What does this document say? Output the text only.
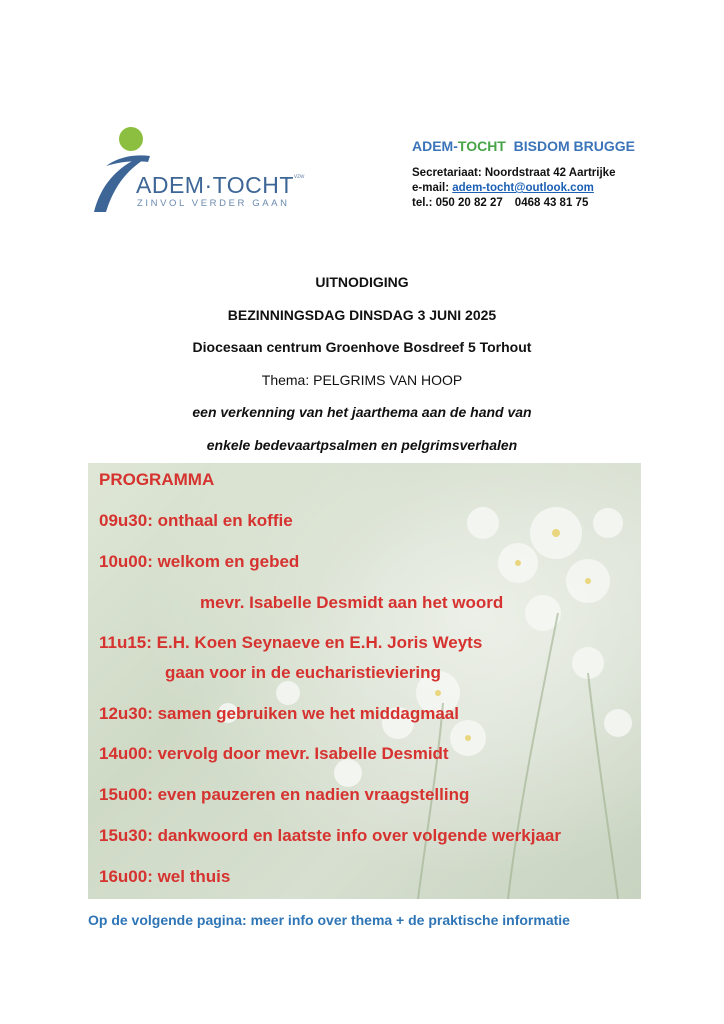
ADEM·TOCHT vzw
ZINVOL VERDER GAAN
ADEM-TOCHT  BISDOM BRUGGE
Secretariaat: Noordstraat 42 Aartrijke
e-mail: adem-tocht@outlook.com
tel.: 050 20 82 27 0468 43 81 75
UITNODIGING
BEZINNINGSDAG DINSDAG 3 JUNI 2025
Diocesaan centrum Groenhove Bosdreef 5 Torhout
Thema: PELGRIMS VAN HOOP
een verkenning van het jaarthema aan de hand van
enkele bedevaartpsalmen en pelgrimsverhalen
PROGRAMMA
09u30: onthaal en koffie
10u00: welkom en gebed
mevr. Isabelle Desmidt aan het woord
11u15: E.H. Koen Seynaeve en E.H. Joris Weyts
gaan voor in de eucharistieviering
12u30: samen gebruiken we het middagmaal
14u00: vervolg door mevr. Isabelle Desmidt
15u00: even pauzeren en nadien vraagstelling
15u30: dankwoord en laatste info over volgende werkjaar
16u00: wel thuis
Op de volgende pagina: meer info over thema + de praktische informatie
